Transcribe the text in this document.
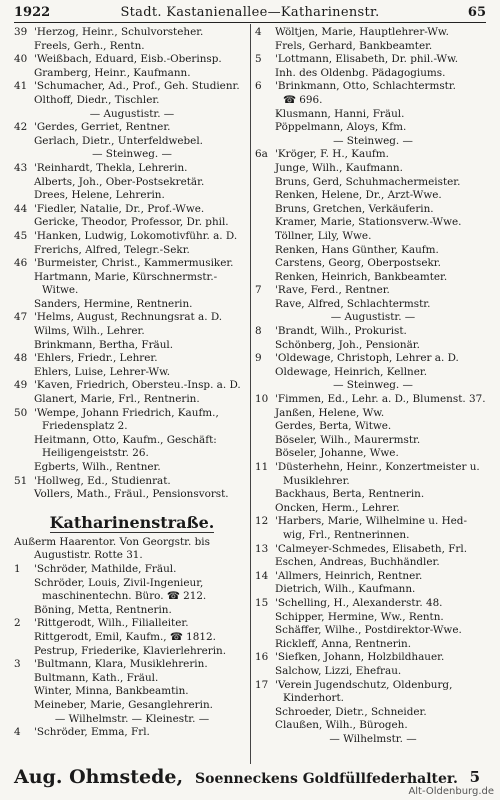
1922	Stadt. Kastanienallee—Katharinenstr.	65
39 'Herzog, Heinr., Schulvorsteher.
Freels, Gerh., Rentn.
40 'Weißbach, Eduard, Eisb.-Oberinsp.
Gramberg, Heinr., Kaufmann.
41 'Schumacher, Ad., Prof., Geh. Studienr.
Olthoff, Diedr., Tischler.
— Augustistr. —
42 'Gerdes, Gerriet, Rentner.
Gerlach, Dietr., Unterfeldwebel.
— Steinweg. —
43 'Reinhardt, Thekla, Lehrerin.
Alberts, Joh., Ober-Postsekretär.
Drees, Helene, Lehrerin.
44 'Fiedler, Natalie, Dr., Prof.-Wwe.
Gericke, Theodor, Professor, Dr. phil.
45 'Hanken, Ludwig, Lokomotivführ. a. D.
Frerichs, Alfred, Telegr.-Sekr.
46 'Burmeister, Christ., Kammermusiker.
Hartmann, Marie, Kürschnermstr.-
Witwe.
Sanders, Hermine, Rentnerin.
47 'Helms, August, Rechnungsrat a. D.
Wilms, Wilh., Lehrer.
Brinkmann, Bertha, Fräul.
48 'Ehlers, Friedr., Lehrer.
Ehlers, Luise, Lehrer-Ww.
49 'Kaven, Friedrich, Obersteu.-Insp. a. D.
Glanert, Marie, Frl., Rentnerin.
50 'Wempe, Johann Friedrich, Kaufm.,
Friedensplatz 2.
Heitmann, Otto, Kaufm., Geschäft:
Heiligengeiststr. 26.
Egberts, Wilh., Rentner.
51 'Hollweg, Ed., Studienrat.
Vollers, Math., Fräul., Pensionsvorst.
Katharinenstraße.
Außerm Haarentor. Von Georgstr. bis
Augustistr. Rotte 31.
1 'Schröder, Mathilde, Fräul.
Schröder, Louis, Zivil-Ingenieur,
maschinentechn. Büro. ☎ 212.
Böning, Metta, Rentnerin.
2 'Rittgerodt, Wilh., Filialleiter.
Rittgerodt, Emil, Kaufm., ☎ 1812.
Pestrup, Friederike, Klavierlehrerin.
3 'Bultmann, Klara, Musiklehrerin.
Bultmann, Kath., Fräul.
Winter, Minna, Bankbeamtin.
Meineber, Marie, Gesanglehrerin.
— Wilhelmstr. — Kleinestr. —
4 'Schröder, Emma, Frl.
4 Wöltjen, Marie, Hauptlehrer-Ww.
Frels, Gerhard, Bankbeamter.
5 'Lottmann, Elisabeth, Dr. phil.-Ww.
Inh. des Oldenbg. Pädagogiums.
6 'Brinkmann, Otto, Schlachtermstr.
☎ 696.
Klusmann, Hanni, Fräul.
Pöppelmann, Aloys, Kfm.
— Steinweg. —
6a 'Kröger, F. H., Kaufm.
Junge, Wilh., Kaufmann.
Bruns, Gerd, Schuhmachermeister.
Renken, Helene, Dr., Arzt-Wwe.
Bruns, Gretchen, Verkäuferin.
Kramer, Marie, Stationsverw.-Wwe.
Töllner, Lily, Wwe.
Renken, Hans Günther, Kaufm.
Carstens, Georg, Oberpostsekr.
Renken, Heinrich, Bankbeamter.
7 'Rave, Ferd., Rentner.
Rave, Alfred, Schlachtermstr.
— Augustistr. —
8 'Brandt, Wilh., Prokurist.
Schönberg, Joh., Pensionär.
9 'Oldewage, Christoph, Lehrer a. D.
Oldewage, Heinrich, Kellner.
— Steinweg. —
10 'Fimmen, Ed., Lehr. a. D., Blumenst. 37.
Janßen, Helene, Ww.
Gerdes, Berta, Witwe.
Böseler, Wilh., Maurermstr.
Böseler, Johanne, Wwe.
11 'Düsterhehn, Heinr., Konzertmeister u.
Musiklehrer.
Backhaus, Berta, Rentnerin.
Oncken, Herm., Lehrer.
12 'Harbers, Marie, Wilhelmine u. Hed-
wig, Frl., Rentnerinnen.
13 'Calmeyer-Schmedes, Elisabeth, Frl.
Eschen, Andreas, Buchhändler.
14 'Allmers, Heinrich, Rentner.
Dietrich, Wilh., Kaufmann.
15 'Schelling, H., Alexanderstr. 48.
Schipper, Hermine, Ww., Rentn.
Schäffer, Wilhe., Postdirektor-Wwe.
Rickleff, Anna, Rentnerin.
16 'Siefken, Johann, Holzbildhauer.
Salchow, Lizzi, Ehefrau.
17 'Verein Jugendschutz, Oldenburg,
Kinderhort.
Schroeder, Dietr., Schneider.
Claußen, Wilh., Bürogeh.
— Wilhelmstr. —
Aug. Ohmstede, Soenneckens Goldfüllfederhalter. 5
Alt-Oldenburg.de
